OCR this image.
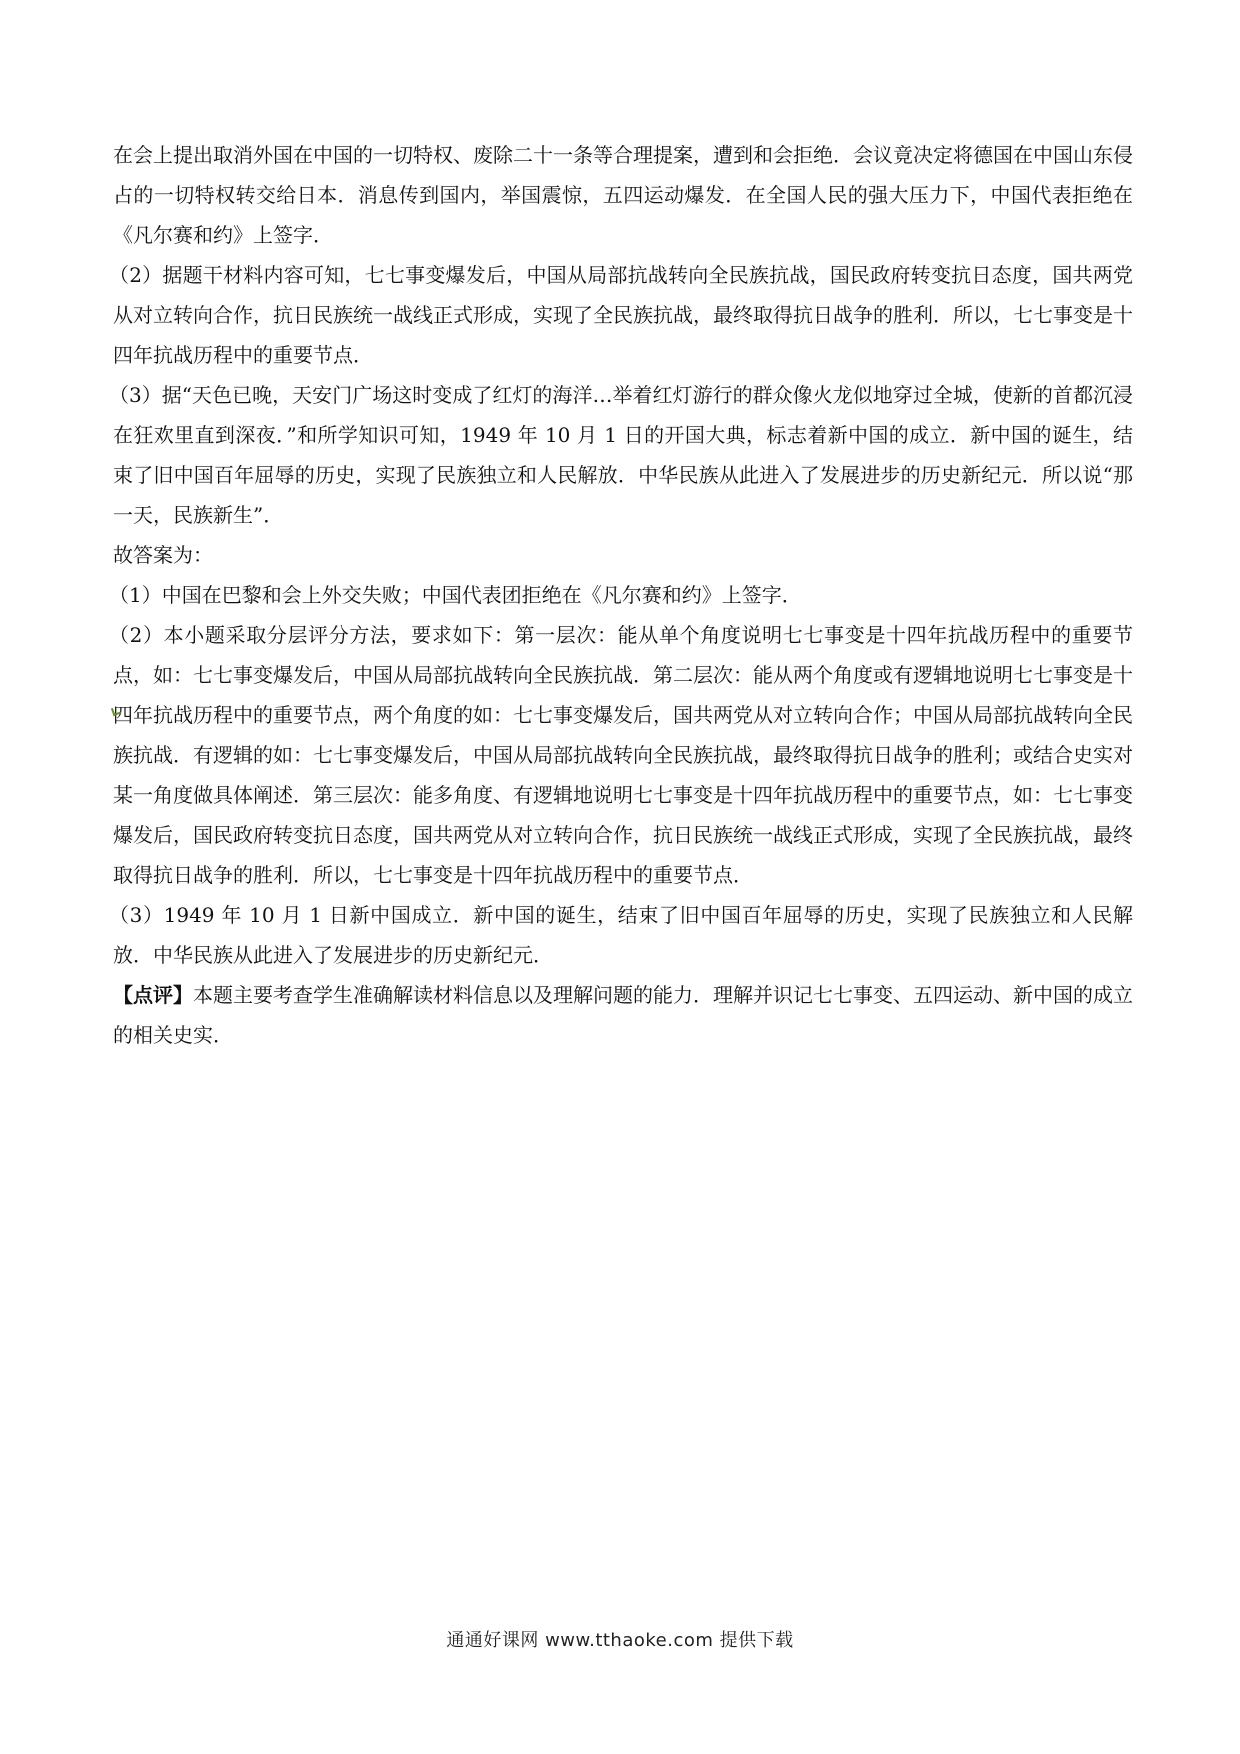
在会上提出取消外国在中国的一切特权、废除二十一条等合理提案，遭到和会拒绝．会议竟决定将德国在中国山东侵占的一切特权转交给日本．消息传到国内，举国震惊，五四运动爆发．在全国人民的强大压力下，中国代表拒绝在《凡尔赛和约》上签字．

（2）据题干材料内容可知，七七事变爆发后，中国从局部抗战转向全民族抗战，国民政府转变抗日态度，国共两党从对立转向合作，抗日民族统一战线正式形成，实现了全民族抗战，最终取得抗日战争的胜利．所以，七七事变是十四年抗战历程中的重要节点．

（3）据“天色已晚，天安门广场这时变成了红灯的海洋…举着红灯游行的群众像火龙似地穿过全城，使新的首都沉浸在狂欢里直到深夜．”和所学知识可知，1949 年 10 月 1 日的开国大典，标志着新中国的成立．新中国的诞生，结束了旧中国百年屈辱的历史，实现了民族独立和人民解放．中华民族从此进入了发展进步的历史新纪元．所以说“那一天，民族新生”．

故答案为：

（1）中国在巴黎和会上外交失败；中国代表团拒绝在《凡尔赛和约》上签字．

（2）本小题采取分层评分方法，要求如下：第一层次：能从单个角度说明七七事变是十四年抗战历程中的重要节点，如：七七事变爆发后，中国从局部抗战转向全民族抗战．第二层次：能从两个角度或有逻辑地说明七七事变是十四年抗战历程中的重要节点，两个角度的如：七七事变爆发后，国共两党从对立转向合作；中国从局部抗战转向全民族抗战．有逻辑的如：七七事变爆发后，中国从局部抗战转向全民族抗战，最终取得抗日战争的胜利；或结合史实对某一角度做具体阐述．第三层次：能多角度、有逻辑地说明七七事变是十四年抗战历程中的重要节点，如：七七事变爆发后，国民政府转变抗日态度，国共两党从对立转向合作，抗日民族统一战线正式形成，实现了全民族抗战，最终取得抗日战争的胜利．所以，七七事变是十四年抗战历程中的重要节点．

（3）1949 年 10 月 1 日新中国成立．新中国的诞生，结束了旧中国百年屈辱的历史，实现了民族独立和人民解放．中华民族从此进入了发展进步的历史新纪元．

【点评】本题主要考查学生准确解读材料信息以及理解问题的能力．理解并识记七七事变、五四运动、新中国的成立的相关史实．

通通好课网 www.tthaoke.com 提供下载
